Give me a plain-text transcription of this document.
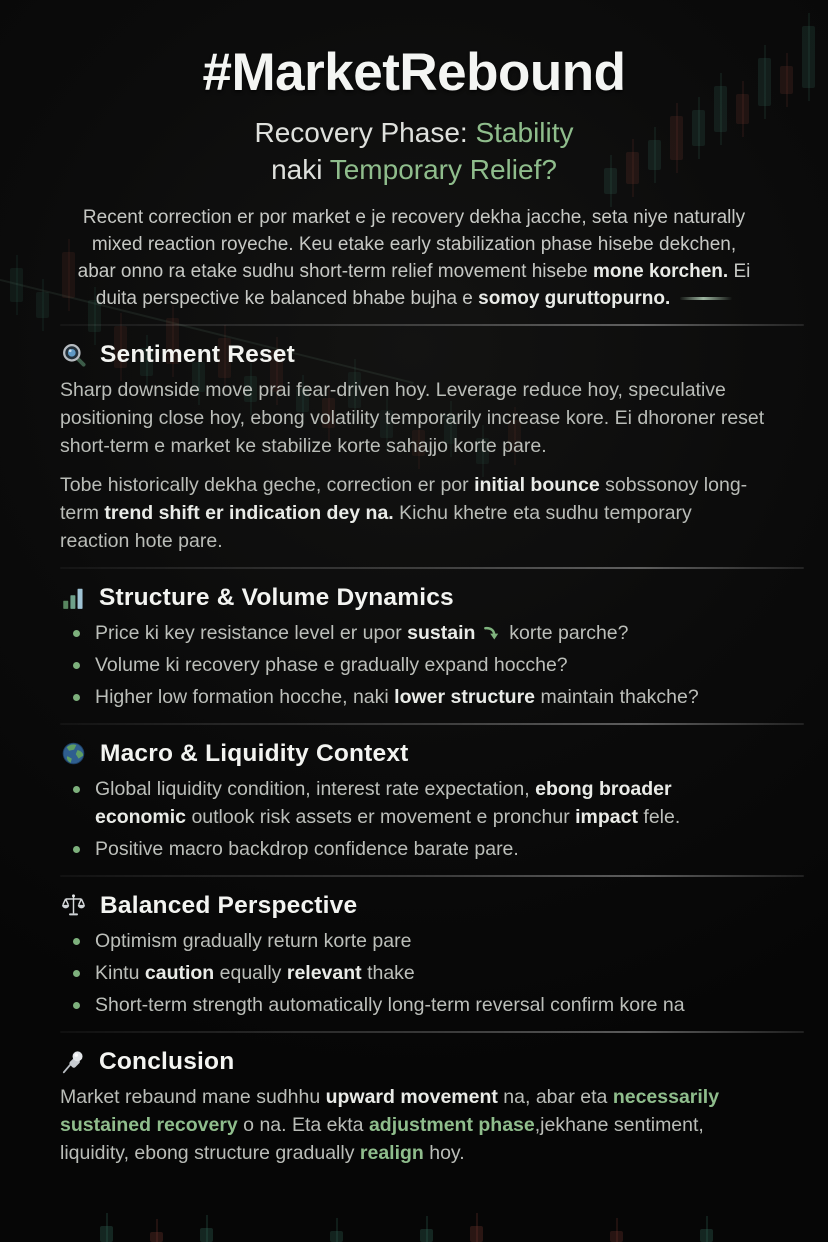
#MarketRebound
Recovery Phase: Stability
naki Temporary Relief?

Recent correction er por market e je recovery dekha jacche, seta niye naturally mixed reaction royeche. Keu etake early stabilization phase hisebe dekchen, abar onno ra etake sudhu short-term relief movement hisebe mone korchen. Ei duita perspective ke balanced bhabe bujha e somoy guruttopurno.

Sentiment Reset

Sharp downside move prai fear-driven hoy. Leverage reduce hoy, speculative positioning close hoy, ebong volatility temporarily increase kore. Ei dhoroner reset short-term e market ke stabilize korte sahajjo korte pare.

Tobe historically dekha geche, correction er por initial bounce sobssonoy long-term trend shift er indication dey na. Kichu khetre eta sudhu temporary reaction hote pare.

Structure & Volume Dynamics
Price ki key resistance level er upor sustain  korte parche?
Volume ki recovery phase e gradually expand hocche?
Higher low formation hocche, naki lower structure maintain thakche?
Macro & Liquidity Context
Global liquidity condition, interest rate expectation, ebong broader economic outlook risk assets er movement e pronchur impact fele.
Positive macro backdrop confidence barate pare.
Balanced Perspective
Optimism gradually return korte pare
Kintu caution equally relevant thake
Short-term strength automatically long-term reversal confirm kore na
Conclusion

Market rebaund mane sudhhu upward movement na, abar eta necessarily sustained recovery o na. Eta ekta adjustment phase,jekhane sentiment, liquidity, ebong structure gradually realign hoy.
